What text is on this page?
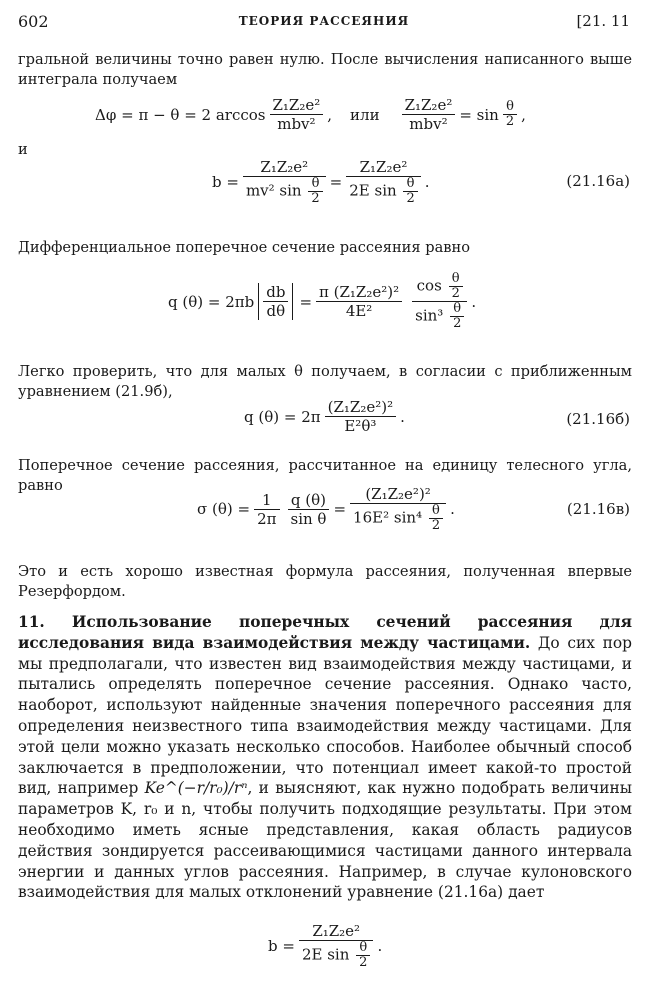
602	ТЕОРИЯ РАССЕЯНИЯ	[21. 11
гральной величины точно равен нулю. После вычисления написанного выше интеграла получаем
Δφ = π − θ = 2 $\arccos \frac{\text{Z₁Z₂e²}}{\text{mbv²}}$ , или $\frac{\text{Z₁Z₂e²}}{\text{mbv²}} = \sin \frac{\theta}{2}$ ,
и
$b = \frac{\text{Z₁Z₂e²}}{mv^2 \sin \frac{\theta}{2}} = \frac{\text{Z₁Z₂e²}}{2E \sin \frac{\theta}{2}}$ .	(21.16а)
Дифференциальное поперечное сечение рассеяния равно
q $(\theta) = 2\pi b \frac{db}{d\theta} = \frac{\text{π (Z₁Z₂e²)²}}{\text{4E²}} \frac{\cos \frac{\theta}{2}}{\sin^3 \frac{\theta}{2}}$ .
Легко проверить, что для малых θ получаем, в согласии с приближенным уравнением (21.9б),
q $(\theta) = 2\pi \frac{\text{(Z₁Z₂e²)²}}{\text{E²θ³}}$ .	(21.16б)
Поперечное сечение рассеяния, рассчитанное на единицу телесного угла, равно
σ $(\theta) = \frac{1}{2\pi} \frac{q (\theta)}{\text{sin θ}} = \frac{\text{(Z₁Z₂e²)²}}{16E^2 \sin^4 \frac{\theta}{2}}$ .	(21.16в)
Это и есть хорошо известная формула рассеяния, полученная впервые Резерфордом.
11. Использование поперечных сечений рассеяния для исследования вида взаимодействия между частицами. До сих пор мы предполагали, что известен вид взаимодействия между частицами, и пытались определять поперечное сечение рассеяния. Однако часто, наоборот, используют найденные значения поперечного рассеяния для определения неизвестного типа взаимодействия между частицами. Для этой цели можно указать несколько способов. Наиболее обычный способ заключается в предположении, что потенциал имеет какой-то простой вид, например Ke^(−r/r₀)/rⁿ, и выясняют, как нужно подобрать величины параметров K, r₀ и n, чтобы получить подходящие результаты. При этом необходимо иметь ясные представления, какая область радиусов действия зондируется рассеивающимися частицами данного интервала энергии и данных углов рассеяния. Например, в случае кулоновского взаимодействия для малых отклонений уравнение (21.16а) дает
$b = \frac{\text{Z₁Z₂e²}}{2E \sin \frac{\theta}{2}}$ .
